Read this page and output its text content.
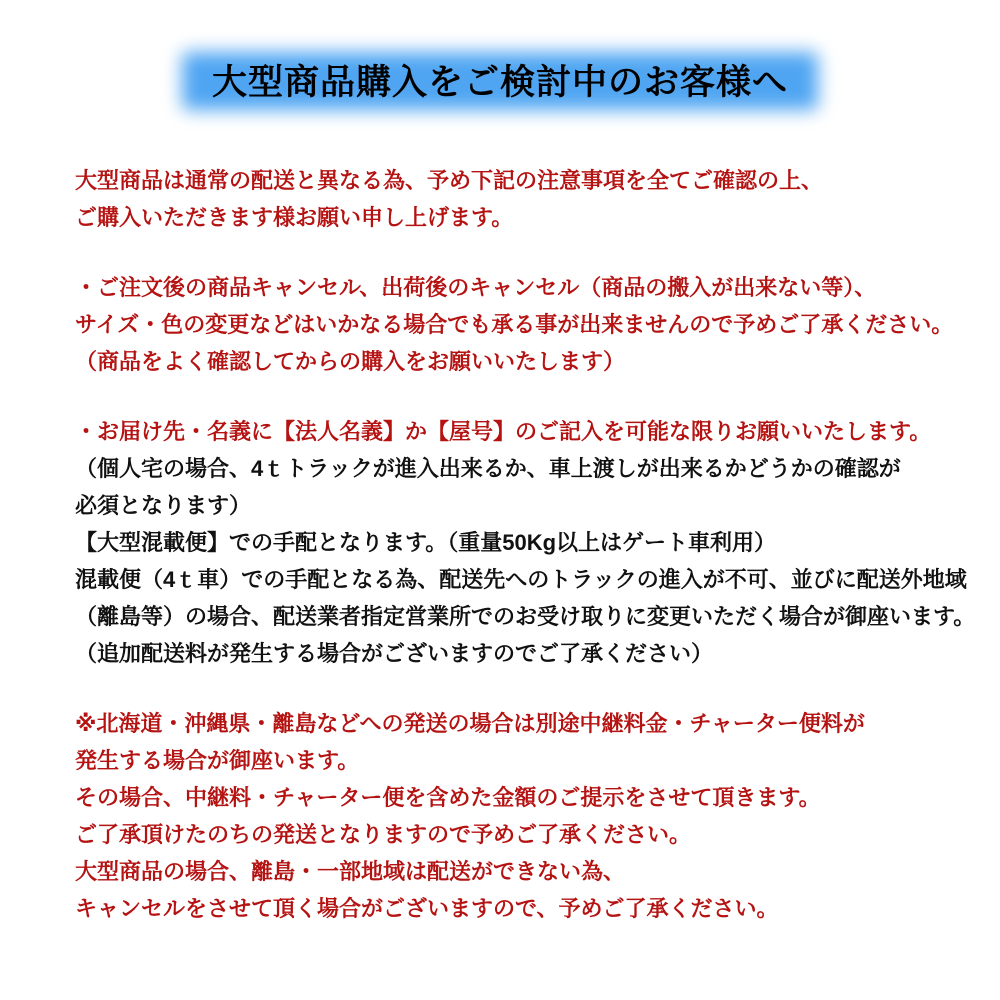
大型商品購入をご検討中のお客様へ
大型商品は通常の配送と異なる為、予め下記の注意事項を全てご確認の上、
ご購入いただきます様お願い申し上げます。
・ご注文後の商品キャンセル、出荷後のキャンセル（商品の搬入が出来ない等）、
サイズ・色の変更などはいかなる場合でも承る事が出来ませんので予めご了承ください。
（商品をよく確認してからの購入をお願いいたします）
・お届け先・名義に【法人名義】か【屋号】のご記入を可能な限りお願いいたします。
（個人宅の場合、4ｔトラックが進入出来るか、車上渡しが出来るかどうかの確認が
必須となります）
【大型混載便】での手配となります。（重量50Kg以上はゲート車利用）
混載便（4ｔ車）での手配となる為、配送先へのトラックの進入が不可、並びに配送外地域
（離島等）の場合、配送業者指定営業所でのお受け取りに変更いただく場合が御座います。
（追加配送料が発生する場合がございますのでご了承ください）
※北海道・沖縄県・離島などへの発送の場合は別途中継料金・チャーター便料が
発生する場合が御座います。
その場合、中継料・チャーター便を含めた金額のご提示をさせて頂きます。
ご了承頂けたのちの発送となりますので予めご了承ください。
大型商品の場合、離島・一部地域は配送ができない為、
キャンセルをさせて頂く場合がございますので、予めご了承ください。
